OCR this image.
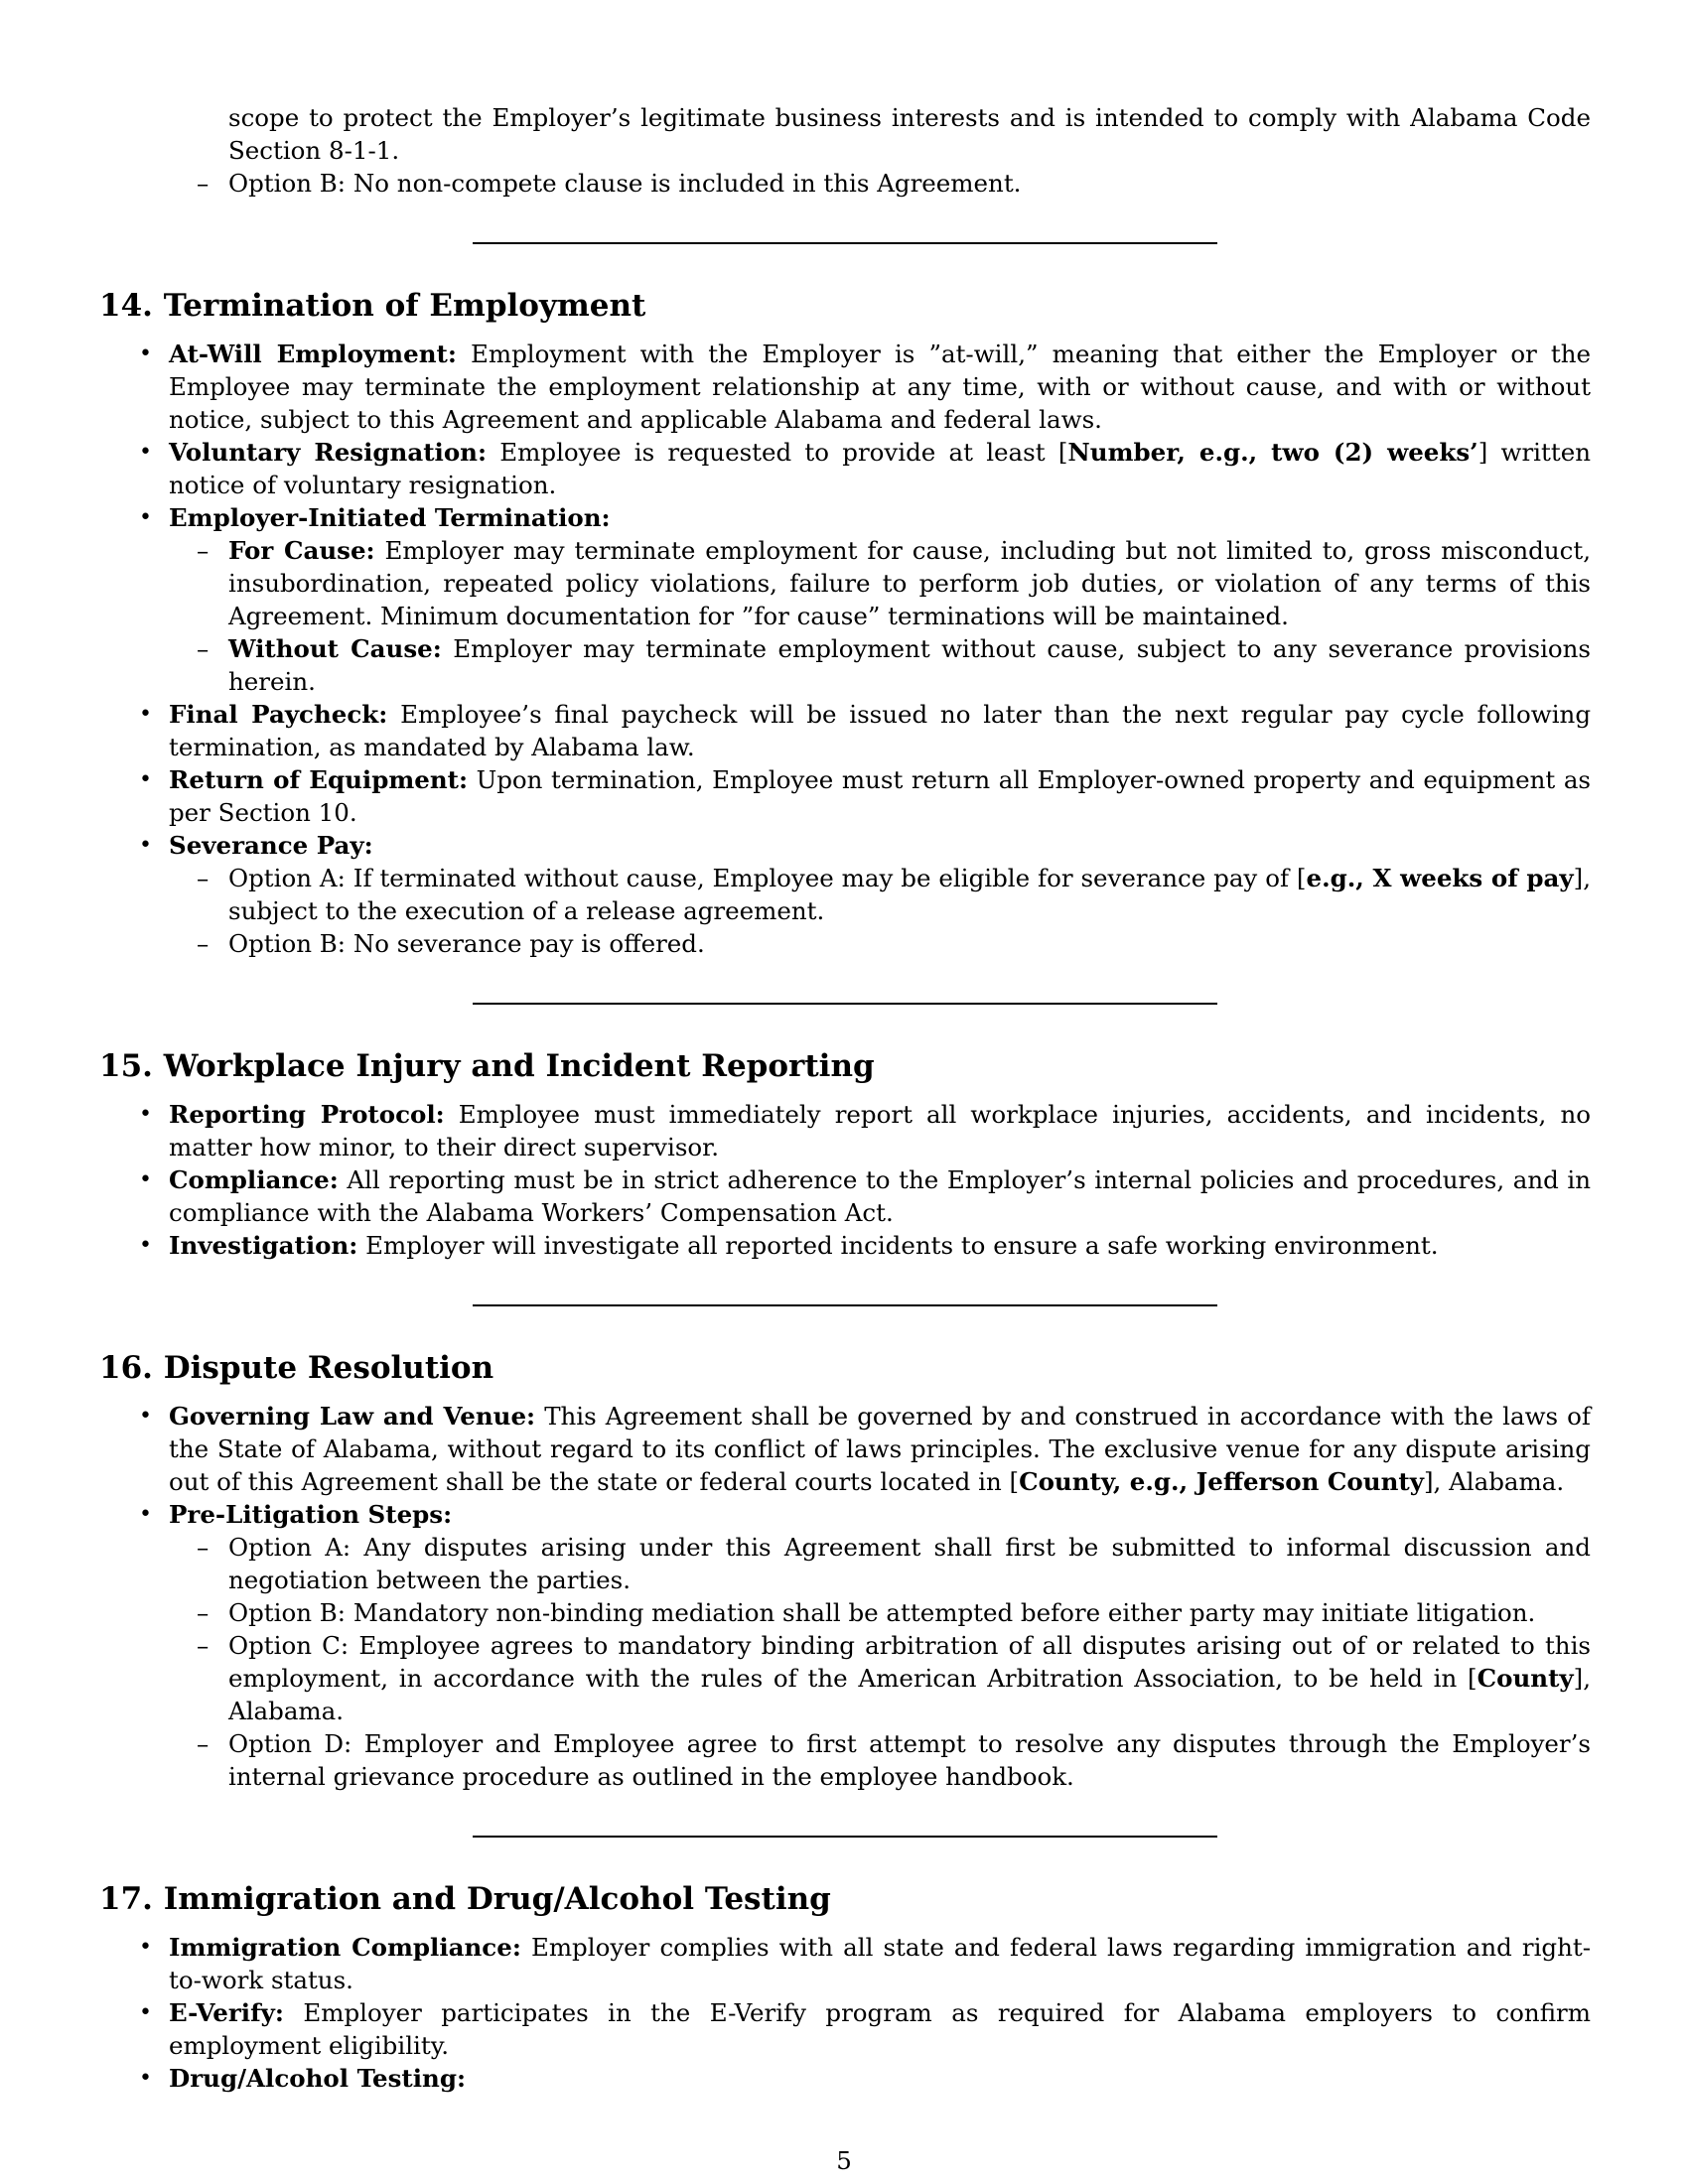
scope to protect the Employer’s legitimate business interests and is intended to comply with Alabama Code Section 8-1-1.
– Option B: No non-compete clause is included in this Agreement.
14. Termination of Employment
• At-Will Employment: Employment with the Employer is ”at-will,” meaning that either the Employer or the Employee may terminate the employment relationship at any time, with or without cause, and with or without notice, subject to this Agreement and applicable Alabama and federal laws.
• Voluntary Resignation: Employee is requested to provide at least [Number, e.g., two (2) weeks’] written notice of voluntary resignation.
• Employer-Initiated Termination:
– For Cause: Employer may terminate employment for cause, including but not limited to, gross misconduct, insubordination, repeated policy violations, failure to perform job duties, or violation of any terms of this Agreement. Minimum documentation for ”for cause” terminations will be maintained.
– Without Cause: Employer may terminate employment without cause, subject to any severance provisions herein.
• Final Paycheck: Employee’s final paycheck will be issued no later than the next regular pay cycle following termination, as mandated by Alabama law.
• Return of Equipment: Upon termination, Employee must return all Employer-owned property and equipment as per Section 10.
• Severance Pay:
– Option A: If terminated without cause, Employee may be eligible for severance pay of [e.g., X weeks of pay], subject to the execution of a release agreement.
– Option B: No severance pay is offered.
15. Workplace Injury and Incident Reporting
• Reporting Protocol: Employee must immediately report all workplace injuries, accidents, and incidents, no matter how minor, to their direct supervisor.
• Compliance: All reporting must be in strict adherence to the Employer’s internal policies and procedures, and in compliance with the Alabama Workers’ Compensation Act.
• Investigation: Employer will investigate all reported incidents to ensure a safe working environment.
16. Dispute Resolution
• Governing Law and Venue: This Agreement shall be governed by and construed in accordance with the laws of the State of Alabama, without regard to its conflict of laws principles. The exclusive venue for any dispute arising out of this Agreement shall be the state or federal courts located in [County, e.g., Jefferson County], Alabama.
• Pre-Litigation Steps:
– Option A: Any disputes arising under this Agreement shall first be submitted to informal discussion and negotiation between the parties.
– Option B: Mandatory non-binding mediation shall be attempted before either party may initiate litigation.
– Option C: Employee agrees to mandatory binding arbitration of all disputes arising out of or related to this employment, in accordance with the rules of the American Arbitration Association, to be held in [County], Alabama.
– Option D: Employer and Employee agree to first attempt to resolve any disputes through the Employer’s internal grievance procedure as outlined in the employee handbook.
17. Immigration and Drug/Alcohol Testing
• Immigration Compliance: Employer complies with all state and federal laws regarding immigration and right-to-work status.
• E-Verify: Employer participates in the E-Verify program as required for Alabama employers to confirm employment eligibility.
• Drug/Alcohol Testing:
5
